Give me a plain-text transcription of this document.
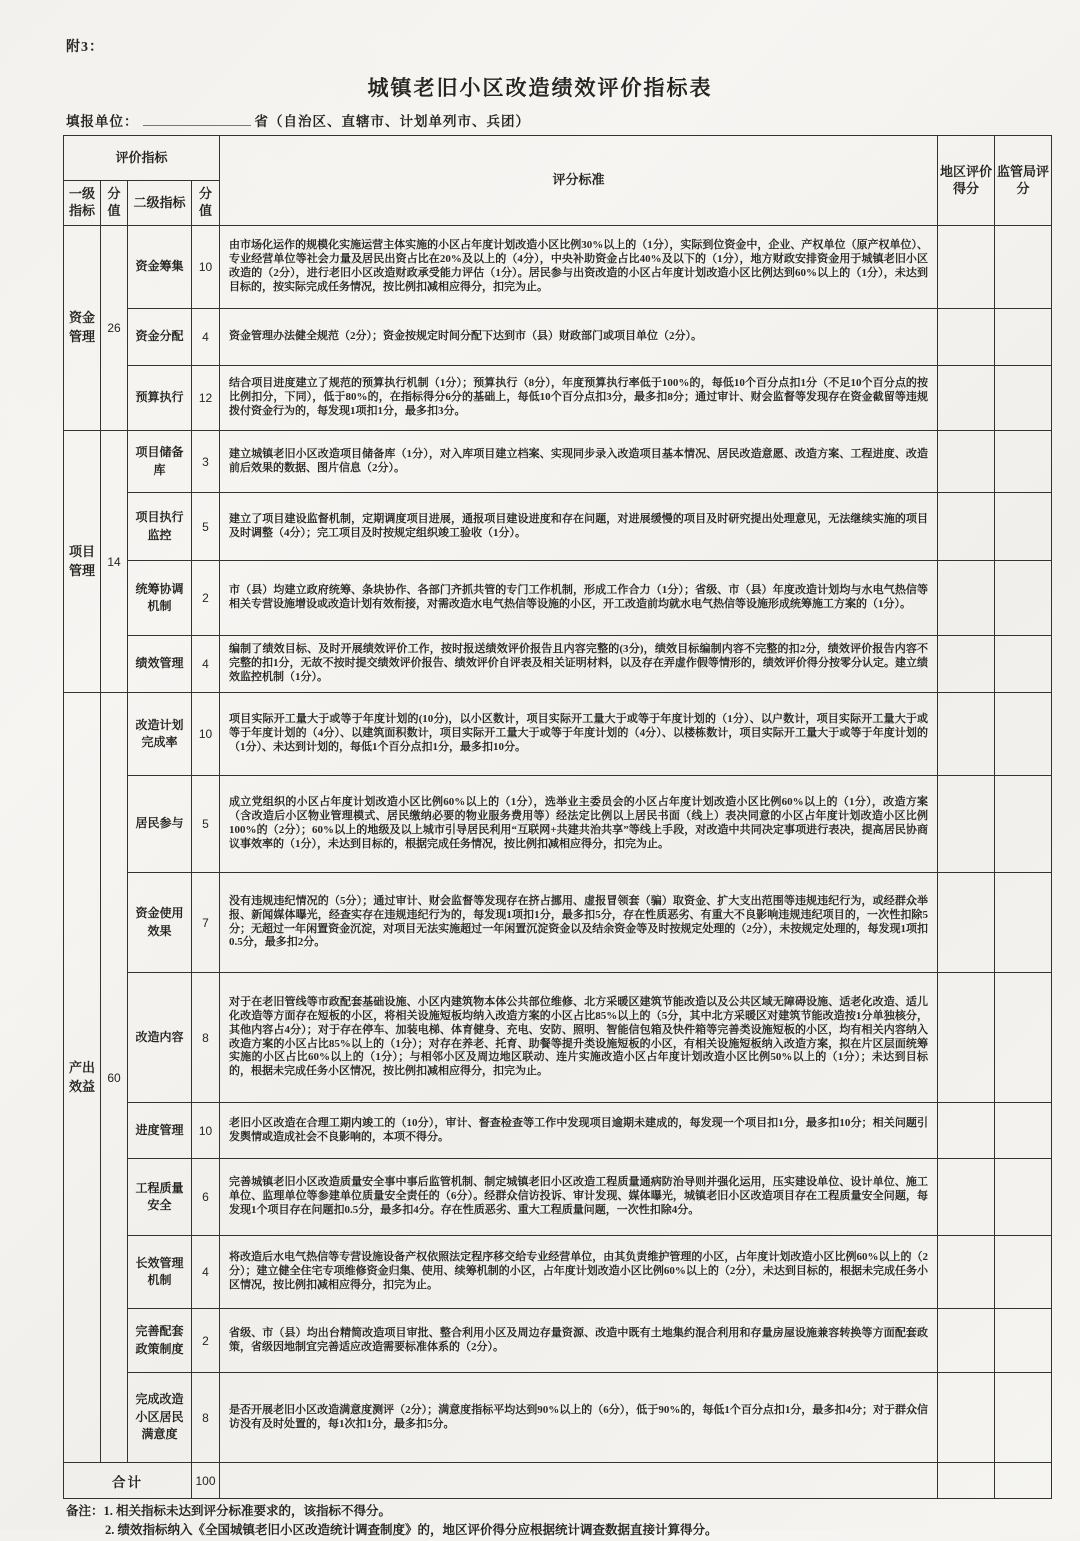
附3：
城镇老旧小区改造绩效评价指标表
填报单位：	省（自治区、直辖市、计划单列市、兵团）
评价指标				评分标准	地区评价得分	监管局评分
一级指标	分值	二级指标	分值			
资金管理	26	资金筹集	10	由市场化运作的规模化实施运营主体实施的小区占年度计划改造小区比例30%以上的（1分），实际到位资金中，企业、产权单位（原产权单位）、专业经营单位等社会力量及居民出资占比在20%及以上的（4分），中央补助资金占比40%及以下的（1分），地方财政安排资金用于城镇老旧小区改造的（2分），进行老旧小区改造财政承受能力评估（1分）。居民参与出资改造的小区占年度计划改造小区比例达到60%以上的（1分），未达到目标的，按实际完成任务情况，按比例扣减相应得分，扣完为止。		
		资金分配	4	资金管理办法健全规范（2分）；资金按规定时间分配下达到市（县）财政部门或项目单位（2分）。		
		预算执行	12	结合项目进度建立了规范的预算执行机制（1分）；预算执行（8分），年度预算执行率低于100%的，每低10个百分点扣1分（不足10个百分点的按比例扣分，下同），低于80%的，在指标得分6分的基础上，每低10个百分点扣3分，最多扣8分；通过审计、财会监督等发现存在资金截留等违规拨付资金行为的，每发现1项扣1分，最多扣3分。		
项目管理	14	项目储备库	3	建立城镇老旧小区改造项目储备库（1分），对入库项目建立档案、实现同步录入改造项目基本情况、居民改造意愿、改造方案、工程进度、改造前后效果的数据、图片信息（2分）。		
		项目执行监控	5	建立了项目建设监督机制，定期调度项目进展，通报项目建设进度和存在问题，对进展缓慢的项目及时研究提出处理意见，无法继续实施的项目及时调整（4分）；完工项目及时按规定组织竣工验收（1分）。		
		统筹协调机制	2	市（县）均建立政府统筹、条块协作、各部门齐抓共管的专门工作机制，形成工作合力（1分）；省级、市（县）年度改造计划均与水电气热信等相关专营设施增设或改造计划有效衔接，对需改造水电气热信等设施的小区，开工改造前均就水电气热信等设施形成统筹施工方案的（1分）。		
		绩效管理	4	编制了绩效目标、及时开展绩效评价工作，按时报送绩效评价报告且内容完整的(3分)，绩效目标编制内容不完整的扣2分，绩效评价报告内容不完整的扣1分，无故不按时提交绩效评价报告、绩效评价自评表及相关证明材料，以及存在弄虚作假等情形的，绩效评价得分按零分认定。建立绩效监控机制（1分）。		
产出效益	60	改造计划完成率	10	项目实际开工量大于或等于年度计划的(10分)，以小区数计，项目实际开工量大于或等于年度计划的（1分）、以户数计，项目实际开工量大于或等于年度计划的（4分）、以建筑面积数计，项目实际开工量大于或等于年度计划的（4分）、以楼栋数计，项目实际开工量大于或等于年度计划的（1分）、未达到计划的，每低1个百分点扣1分，最多扣10分。		
		居民参与	5	成立党组织的小区占年度计划改造小区比例60%以上的（1分），选举业主委员会的小区占年度计划改造小区比例60%以上的（1分），改造方案（含改造后小区物业管理模式、居民缴纳必要的物业服务费用等）经法定比例以上居民书面（线上）表决同意的小区占年度计划改造小区比例100%的（2分）；60%以上的地级及以上城市引导居民利用“互联网+共建共治共享”等线上手段，对改造中共同决定事项进行表决，提高居民协商议事效率的（1分），未达到目标的，根据完成任务情况，按比例扣减相应得分，扣完为止。		
		资金使用效果	7	没有违规违纪情况的（5分）；通过审计、财会监督等发现存在挤占挪用、虚报冒领套（骗）取资金、扩大支出范围等违规违纪行为，或经群众举报、新闻媒体曝光，经查实存在违规违纪行为的，每发现1项扣1分，最多扣5分，存在性质恶劣、有重大不良影响违规违纪项目的，一次性扣除5分；无超过一年闲置资金沉淀，对项目无法实施超过一年闲置沉淀资金以及结余资金等及时按规定处理的（2分），未按规定处理的，每发现1项扣0.5分，最多扣2分。		
		改造内容	8	对于在老旧管线等市政配套基础设施、小区内建筑物本体公共部位维修、北方采暖区建筑节能改造以及公共区域无障碍设施、适老化改造、适儿化改造等方面存在短板的小区，将相关设施短板均纳入改造方案的小区占比85%以上的（5分，其中北方采暖区对建筑节能改造按1分单独核分，其他内容占4分）；对于存在停车、加装电梯、体育健身、充电、安防、照明、智能信包箱及快件箱等完善类设施短板的小区，均有相关内容纳入改造方案的小区占比85%以上的（1分）；对存在养老、托育、助餐等提升类设施短板的小区，有相关设施短板纳入改造方案，拟在片区层面统筹实施的小区占比60%以上的（1分）；与相邻小区及周边地区联动、连片实施改造小区占年度计划改造小区比例50%以上的（1分）；未达到目标的，根据未完成任务小区情况，按比例扣减相应得分，扣完为止。		
		进度管理	10	老旧小区改造在合理工期内竣工的（10分），审计、督查检查等工作中发现项目逾期未建成的，每发现一个项目扣1分，最多扣10分；相关问题引发舆情或造成社会不良影响的，本项不得分。		
		工程质量安全	6	完善城镇老旧小区改造质量安全事中事后监管机制、制定城镇老旧小区改造工程质量通病防治导则并强化运用，压实建设单位、设计单位、施工单位、监理单位等参建单位质量安全责任的（6分）。经群众信访投诉、审计发现、媒体曝光，城镇老旧小区改造项目存在工程质量安全问题，每发现1个项目存在问题扣0.5分，最多扣4分。存在性质恶劣、重大工程质量问题，一次性扣除4分。		
		长效管理机制	4	将改造后水电气热信等专营设施设备产权依照法定程序移交给专业经营单位，由其负责维护管理的小区，占年度计划改造小区比例60%以上的（2分）；建立健全住宅专项维修资金归集、使用、续筹机制的小区，占年度计划改造小区比例60%以上的（2分），未达到目标的，根据未完成任务小区情况，按比例扣减相应得分，扣完为止。		
		完善配套政策制度	2	省级、市（县）均出台精简改造项目审批、整合利用小区及周边存量资源、改造中既有土地集约混合利用和存量房屋设施兼容转换等方面配套政策，省级因地制宜完善适应改造需要标准体系的（2分）。		
		完成改造小区居民满意度	8	是否开展老旧小区改造满意度测评（2分）；满意度指标平均达到90%以上的（6分），低于90%的，每低1个百分点扣1分，最多扣4分；对于群众信访没有及时处置的，每1次扣1分，最多扣5分。		
合计			100			
备注：1. 相关指标未达到评分标准要求的，该指标不得分。
2. 绩效指标纳入《全国城镇老旧小区改造统计调查制度》的，地区评价得分应根据统计调查数据直接计算得分。
